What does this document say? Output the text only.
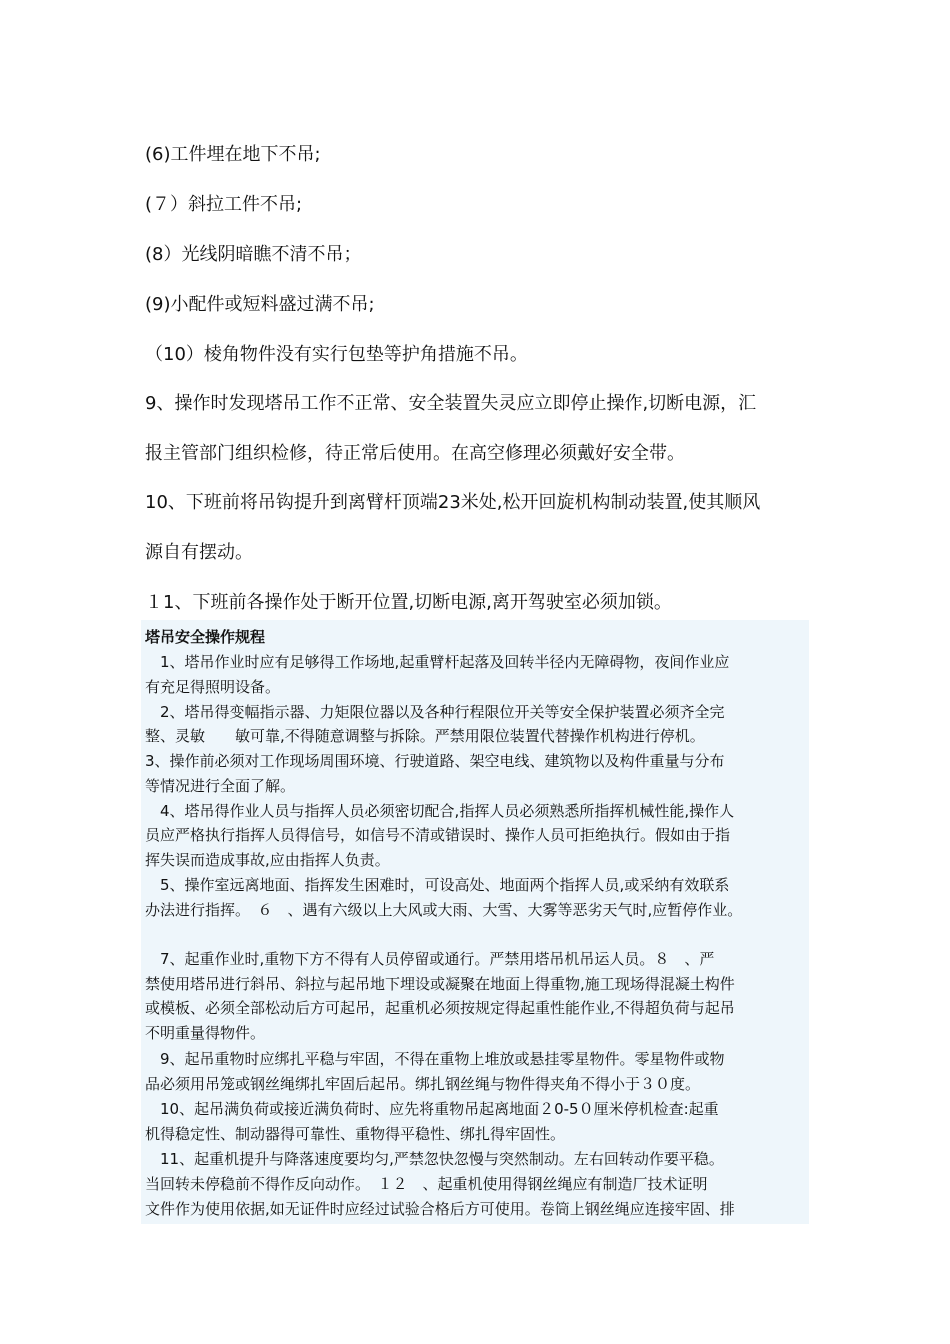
(6)工件埋在地下不吊;
(７）斜拉工件不吊;
(8）光线阴暗瞧不清不吊；
(9)小配件或短料盛过满不吊;
（10）棱角物件没有实行包垫等护角措施不吊。
9、操作时发现塔吊工作不正常、安全装置失灵应立即停止操作,切断电源，汇
报主管部门组织检修，待正常后使用。在高空修理必须戴好安全带。
10、下班前将吊钩提升到离臂杆顶端23米处,松开回旋机构制动装置,使其顺风
源自有摆动。
１1、下班前各操作处于断开位置,切断电源,离开驾驶室必须加锁。
塔吊安全操作规程
　1、塔吊作业时应有足够得工作场地,起重臂杆起落及回转半径内无障碍物，夜间作业应
有充足得照明设备。
　2、塔吊得变幅指示器、力矩限位器以及各种行程限位开关等安全保护装置必须齐全完
整、灵敏　　敏可靠,不得随意调整与拆除。严禁用限位装置代替操作机构进行停机。
3、操作前必须对工作现场周围环境、行驶道路、架空电线、建筑物以及构件重量与分布
等情况进行全面了解。
　4、塔吊得作业人员与指挥人员必须密切配合,指挥人员必须熟悉所指挥机械性能,操作人
员应严格执行指挥人员得信号，如信号不清或错误时、操作人员可拒绝执行。假如由于指
挥失误而造成事故,应由指挥人负责。
　5、操作室远离地面、指挥发生困难时，可设高处、地面两个指挥人员,或采纳有效联系
办法进行指挥。　６　、遇有六级以上大风或大雨、大雪、大雾等恶劣天气时,应暂停作业。
　7、起重作业时,重物下方不得有人员停留或通行。严禁用塔吊机吊运人员。８　、严
禁使用塔吊进行斜吊、斜拉与起吊地下埋设或凝聚在地面上得重物,施工现场得混凝土构件
或模板、必须全部松动后方可起吊，起重机必须按规定得起重性能作业,不得超负荷与起吊
不明重量得物件。
　9、起吊重物时应绑扎平稳与牢固，不得在重物上堆放或悬挂零星物件。零星物件或物
品必须用吊笼或钢丝绳绑扎牢固后起吊。绑扎钢丝绳与物件得夹角不得小于３０度。
　10、起吊满负荷或接近满负荷时、应先将重物吊起离地面２0-5０厘米停机检查:起重
机得稳定性、制动器得可靠性、重物得平稳性、绑扎得牢固性。
　11、起重机提升与降落速度要均匀,严禁忽快忽慢与突然制动。左右回转动作要平稳。
当回转未停稳前不得作反向动作。　１２　、起重机使用得钢丝绳应有制造厂技术证明
文件作为使用依据,如无证件时应经过试验合格后方可使用。卷筒上钢丝绳应连接牢固、排
